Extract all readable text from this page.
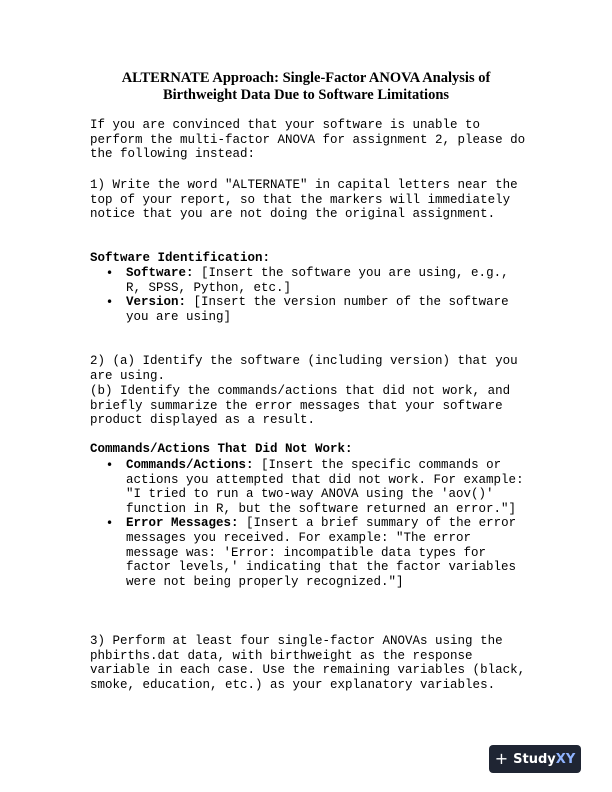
ALTERNATE Approach: Single-Factor ANOVA Analysis of
Birthweight Data Due to Software Limitations

If you are convinced that your software is unable to perform the multi-factor ANOVA for assignment 2, please do the following instead:

1) Write the word "ALTERNATE" in capital letters near the top of your report, so that the markers will immediately notice that you are not doing the original assignment.

Software Identification:

• Software: [Insert the software you are using, e.g., R, SPSS, Python, etc.]
• Version: [Insert the version number of the software you are using]

2) (a) Identify the software (including version) that you are using.

(b) Identify the commands/actions that did not work, and briefly summarize the error messages that your software product displayed as a result.

Commands/Actions That Did Not Work:

• Commands/Actions: [Insert the specific commands or actions you attempted that did not work. For example: "I tried to run a two-way ANOVA using the 'aov()' function in R, but the software returned an error."]
• Error Messages: [Insert a brief summary of the error messages you received. For example: "The error message was: 'Error: incompatible data types for factor levels,' indicating that the factor variables were not being properly recognized."]

3) Perform at least four single-factor ANOVAs using the phbirths.dat data, with birthweight as the response variable in each case. Use the remaining variables (black, smoke, education, etc.) as your explanatory variables.

+ StudyXY
